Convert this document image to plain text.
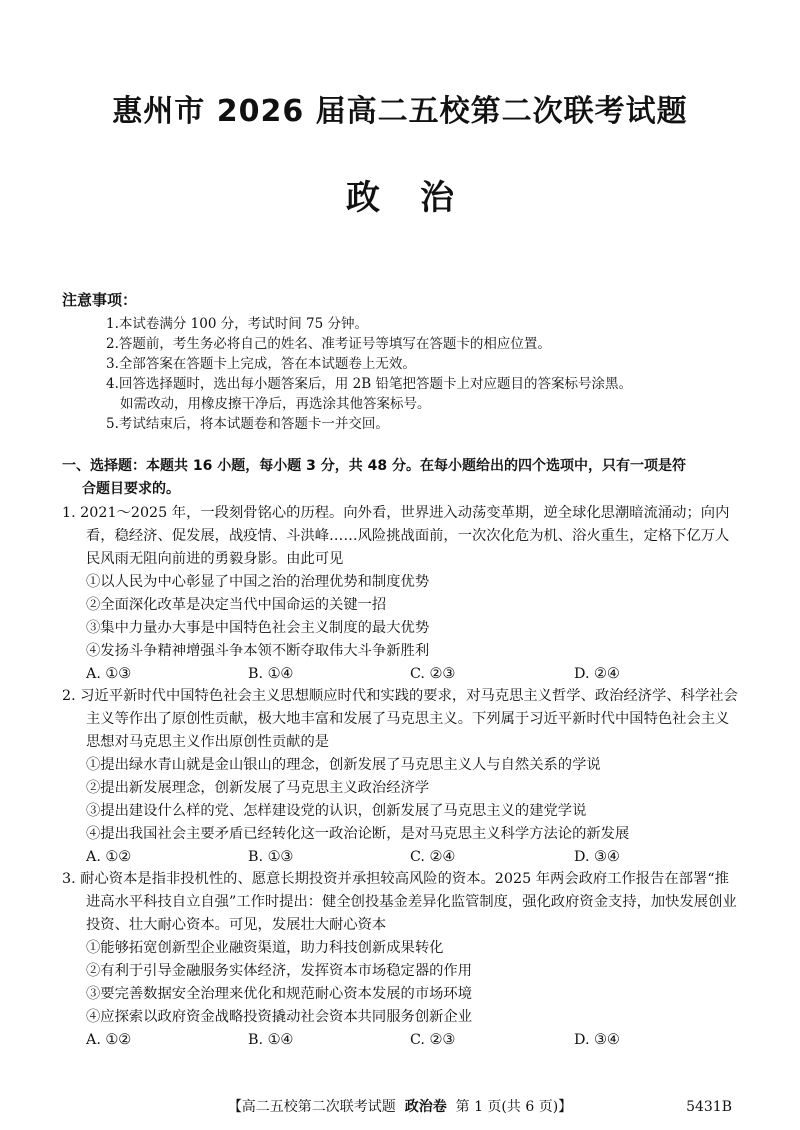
惠州市 2026 届高二五校第二次联考试题
政治
注意事项：
1.本试卷满分 100 分，考试时间 75 分钟。
2.答题前，考生务必将自己的姓名、准考证号等填写在答题卡的相应位置。
3.全部答案在答题卡上完成，答在本试题卷上无效。
4.回答选择题时，选出每小题答案后，用 2B 铅笔把答题卡上对应题目的答案标号涂黑。
如需改动，用橡皮擦干净后，再选涂其他答案标号。
5.考试结束后，将本试题卷和答题卡一并交回。
一、选择题：本题共 16 小题，每小题 3 分，共 48 分。在每小题给出的四个选项中，只有一项是符
合题目要求的。
1. 2021～2025 年，一段刻骨铭心的历程。向外看，世界进入动荡变革期，逆全球化思潮暗流涌动；向内看，稳经济、促发展，战疫情、斗洪峰……风险挑战面前，一次次化危为机、浴火重生，定格下亿万人民风雨无阻向前进的勇毅身影。由此可见
①以人民为中心彰显了中国之治的治理优势和制度优势
②全面深化改革是决定当代中国命运的关键一招
③集中力量办大事是中国特色社会主义制度的最大优势
④发扬斗争精神增强斗争本领不断夺取伟大斗争新胜利
A. ①③	B. ①④	C. ②③	D. ②④
2. 习近平新时代中国特色社会主义思想顺应时代和实践的要求，对马克思主义哲学、政治经济学、科学社会主义等作出了原创性贡献，极大地丰富和发展了马克思主义。下列属于习近平新时代中国特色社会主义思想对马克思主义作出原创性贡献的是
①提出绿水青山就是金山银山的理念，创新发展了马克思主义人与自然关系的学说
②提出新发展理念，创新发展了马克思主义政治经济学
③提出建设什么样的党、怎样建设党的认识，创新发展了马克思主义的建党学说
④提出我国社会主要矛盾已经转化这一政治论断，是对马克思主义科学方法论的新发展
A. ①②	B. ①③	C. ②④	D. ③④
3. 耐心资本是指非投机性的、愿意长期投资并承担较高风险的资本。2025 年两会政府工作报告在部署“推进高水平科技自立自强”工作时提出：健全创投基金差异化监管制度，强化政府资金支持，加快发展创业投资、壮大耐心资本。可见，发展壮大耐心资本
①能够拓宽创新型企业融资渠道，助力科技创新成果转化
②有利于引导金融服务实体经济，发挥资本市场稳定器的作用
③要完善数据安全治理来优化和规范耐心资本发展的市场环境
④应探索以政府资金战略投资撬动社会资本共同服务创新企业
A. ①②	B. ①④	C. ②③	D. ③④
【高二五校第二次联考试题 政治卷 第 1 页(共 6 页)】	5431B
